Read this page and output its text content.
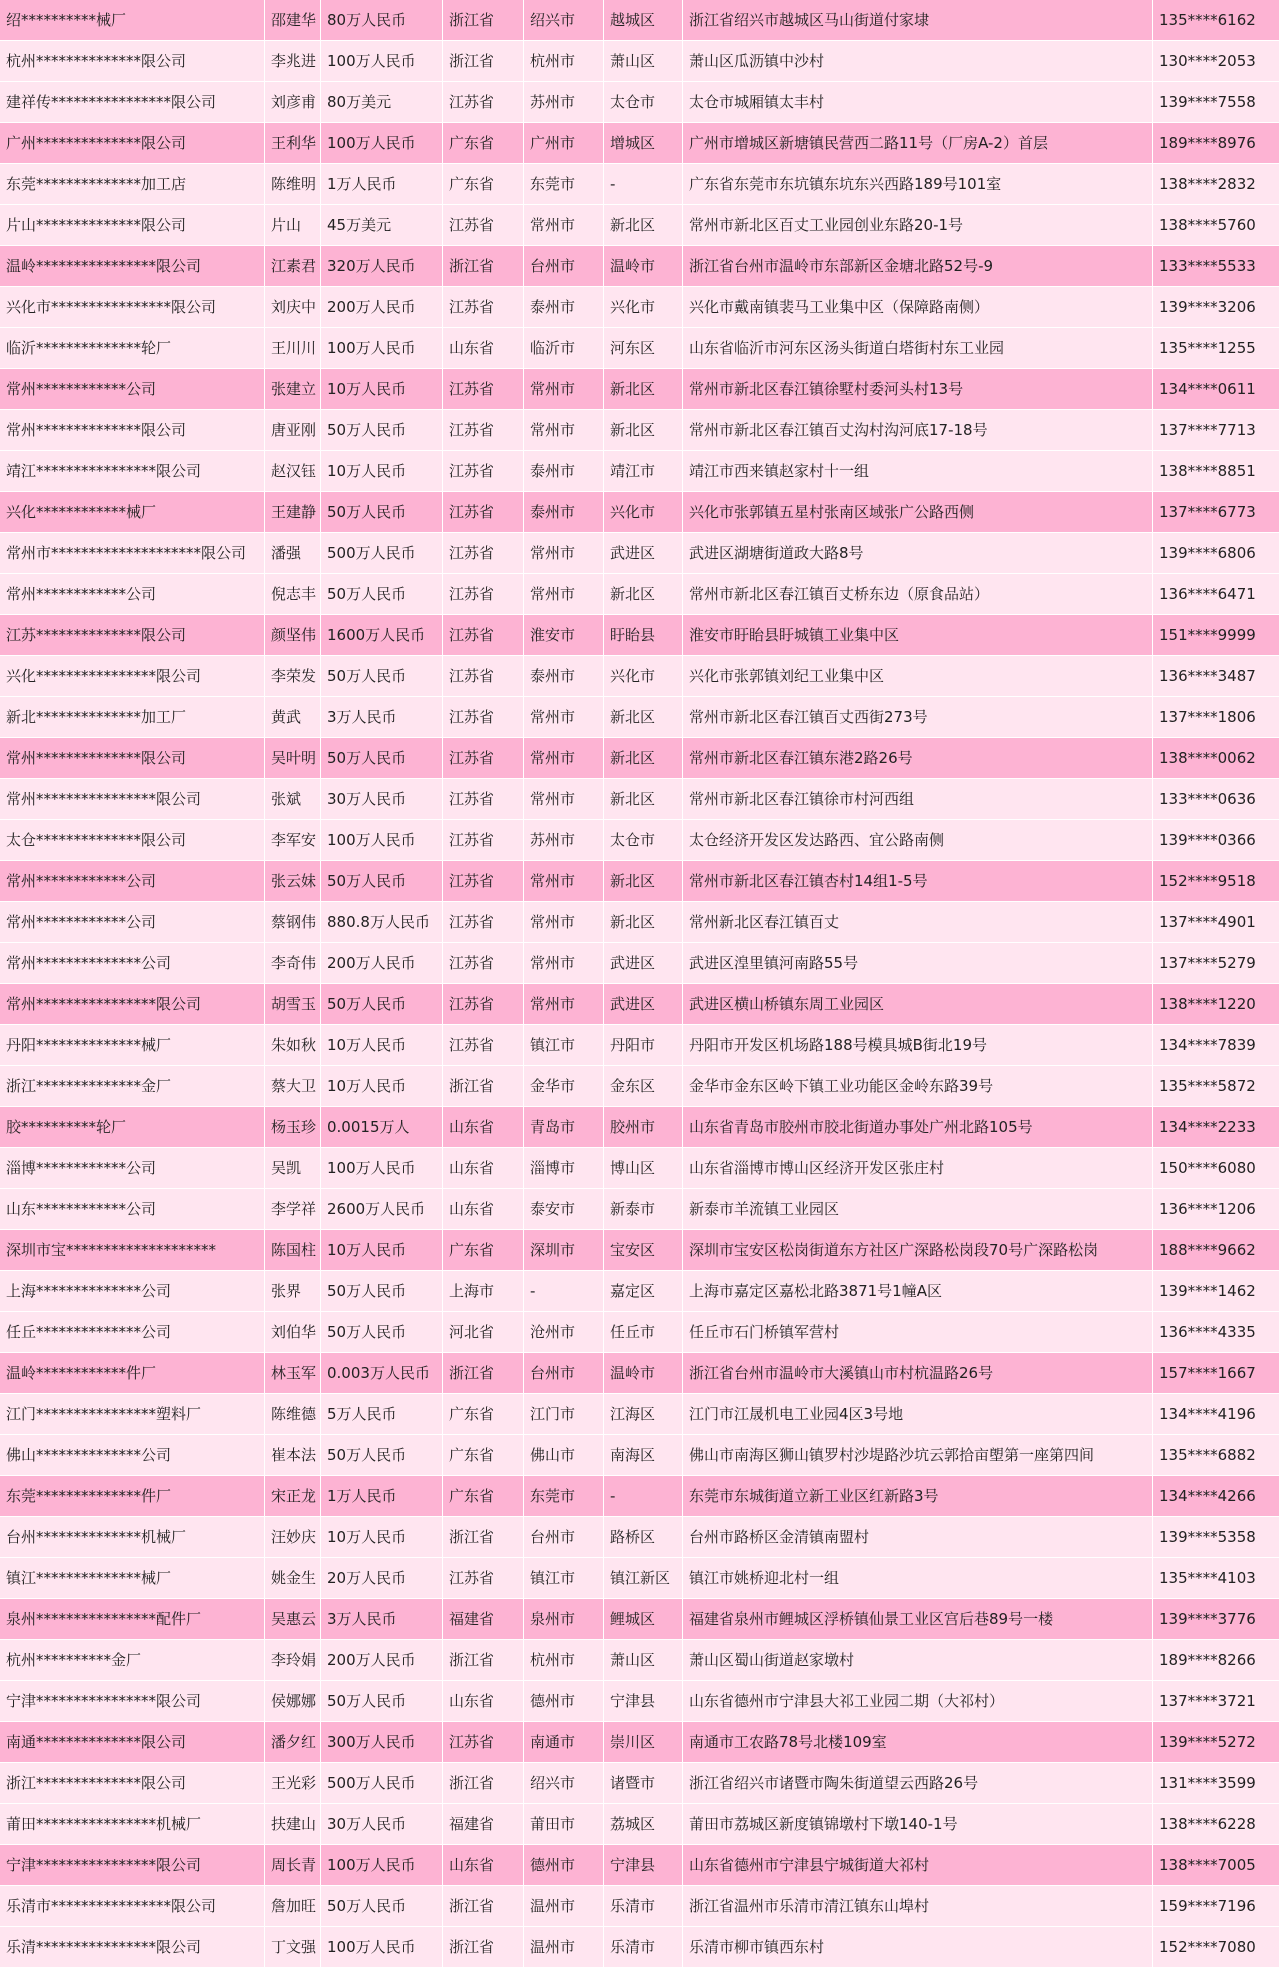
绍**********械厂	邵建华	80万人民币	浙江省	绍兴市	越城区	浙江省绍兴市越城区马山街道付家埭	135****6162
杭州**************限公司	李兆进	100万人民币	浙江省	杭州市	萧山区	萧山区瓜沥镇中沙村	130****2053
建祥传****************限公司	刘彦甫	80万美元	江苏省	苏州市	太仓市	太仓市城厢镇太丰村	139****7558
广州**************限公司	王利华	100万人民币	广东省	广州市	增城区	广州市增城区新塘镇民营西二路11号（厂房A-2）首层	189****8976
东莞**************加工店	陈维明	1万人民币	广东省	东莞市	-	广东省东莞市东坑镇东坑东兴西路189号101室	138****2832
片山**************限公司	片山	45万美元	江苏省	常州市	新北区	常州市新北区百丈工业园创业东路20-1号	138****5760
温岭****************限公司	江素君	320万人民币	浙江省	台州市	温岭市	浙江省台州市温岭市东部新区金塘北路52号-9	133****5533
兴化市****************限公司	刘庆中	200万人民币	江苏省	泰州市	兴化市	兴化市戴南镇裴马工业集中区（保障路南侧）	139****3206
临沂**************轮厂	王川川	100万人民币	山东省	临沂市	河东区	山东省临沂市河东区汤头街道白塔街村东工业园	135****1255
常州************公司	张建立	10万人民币	江苏省	常州市	新北区	常州市新北区春江镇徐墅村委河头村13号	134****0611
常州**************限公司	唐亚刚	50万人民币	江苏省	常州市	新北区	常州市新北区春江镇百丈沟村沟河底17-18号	137****7713
靖江****************限公司	赵汉钰	10万人民币	江苏省	泰州市	靖江市	靖江市西来镇赵家村十一组	138****8851
兴化************械厂	王建静	50万人民币	江苏省	泰州市	兴化市	兴化市张郭镇五星村张南区域张广公路西侧	137****6773
常州市********************限公司	潘强	500万人民币	江苏省	常州市	武进区	武进区湖塘街道政大路8号	139****6806
常州************公司	倪志丰	50万人民币	江苏省	常州市	新北区	常州市新北区春江镇百丈桥东边（原食品站）	136****6471
江苏**************限公司	颜坚伟	1600万人民币	江苏省	淮安市	盱眙县	淮安市盱眙县盱城镇工业集中区	151****9999
兴化****************限公司	李荣发	50万人民币	江苏省	泰州市	兴化市	兴化市张郭镇刘纪工业集中区	136****3487
新北**************加工厂	黄武	3万人民币	江苏省	常州市	新北区	常州市新北区春江镇百丈西街273号	137****1806
常州**************限公司	吴叶明	50万人民币	江苏省	常州市	新北区	常州市新北区春江镇东港2路26号	138****0062
常州****************限公司	张斌	30万人民币	江苏省	常州市	新北区	常州市新北区春江镇徐市村河西组	133****0636
太仓**************限公司	李军安	100万人民币	江苏省	苏州市	太仓市	太仓经济开发区发达路西、宜公路南侧	139****0366
常州************公司	张云妹	50万人民币	江苏省	常州市	新北区	常州市新北区春江镇杏村14组1-5号	152****9518
常州************公司	蔡钢伟	880.8万人民币	江苏省	常州市	新北区	常州新北区春江镇百丈	137****4901
常州**************公司	李奇伟	200万人民币	江苏省	常州市	武进区	武进区湟里镇河南路55号	137****5279
常州****************限公司	胡雪玉	50万人民币	江苏省	常州市	武进区	武进区横山桥镇东周工业园区	138****1220
丹阳**************械厂	朱如秋	10万人民币	江苏省	镇江市	丹阳市	丹阳市开发区机场路188号模具城B街北19号	134****7839
浙江**************金厂	蔡大卫	10万人民币	浙江省	金华市	金东区	金华市金东区岭下镇工业功能区金岭东路39号	135****5872
胶**********轮厂	杨玉珍	0.0015万人	山东省	青岛市	胶州市	山东省青岛市胶州市胶北街道办事处广州北路105号	134****2233
淄博************公司	吴凯	100万人民币	山东省	淄博市	博山区	山东省淄博市博山区经济开发区张庄村	150****6080
山东************公司	李学祥	2600万人民币	山东省	泰安市	新泰市	新泰市羊流镇工业园区	136****1206
深圳市宝********************	陈国柱	10万人民币	广东省	深圳市	宝安区	深圳市宝安区松岗街道东方社区广深路松岗段70号广深路松岗	188****9662
上海**************公司	张界	50万人民币	上海市	-	嘉定区	上海市嘉定区嘉松北路3871号1幢A区	139****1462
任丘**************公司	刘伯华	50万人民币	河北省	沧州市	任丘市	任丘市石门桥镇军营村	136****4335
温岭************件厂	林玉军	0.003万人民币	浙江省	台州市	温岭市	浙江省台州市温岭市大溪镇山市村杭温路26号	157****1667
江门****************塑料厂	陈维德	5万人民币	广东省	江门市	江海区	江门市江晟机电工业园4区3号地	134****4196
佛山**************公司	崔本法	50万人民币	广东省	佛山市	南海区	佛山市南海区狮山镇罗村沙堤路沙坑云郭拾亩塱第一座第四间	135****6882
东莞**************件厂	宋正龙	1万人民币	广东省	东莞市	-	东莞市东城街道立新工业区红新路3号	134****4266
台州**************机械厂	汪妙庆	10万人民币	浙江省	台州市	路桥区	台州市路桥区金清镇南盟村	139****5358
镇江**************械厂	姚金生	20万人民币	江苏省	镇江市	镇江新区	镇江市姚桥迎北村一组	135****4103
泉州****************配件厂	吴惠云	3万人民币	福建省	泉州市	鲤城区	福建省泉州市鲤城区浮桥镇仙景工业区宫后巷89号一楼	139****3776
杭州**********金厂	李玲娟	200万人民币	浙江省	杭州市	萧山区	萧山区蜀山街道赵家墩村	189****8266
宁津****************限公司	侯娜娜	50万人民币	山东省	德州市	宁津县	山东省德州市宁津县大祁工业园二期（大祁村）	137****3721
南通**************限公司	潘夕红	300万人民币	江苏省	南通市	崇川区	南通市工农路78号北楼109室	139****5272
浙江**************限公司	王光彩	500万人民币	浙江省	绍兴市	诸暨市	浙江省绍兴市诸暨市陶朱街道望云西路26号	131****3599
莆田****************机械厂	扶建山	30万人民币	福建省	莆田市	荔城区	莆田市荔城区新度镇锦墩村下墩140-1号	138****6228
宁津****************限公司	周长青	100万人民币	山东省	德州市	宁津县	山东省德州市宁津县宁城街道大祁村	138****7005
乐清市****************限公司	詹加旺	50万人民币	浙江省	温州市	乐清市	浙江省温州市乐清市清江镇东山埠村	159****7196
乐清****************限公司	丁文强	100万人民币	浙江省	温州市	乐清市	乐清市柳市镇西东村	152****7080
